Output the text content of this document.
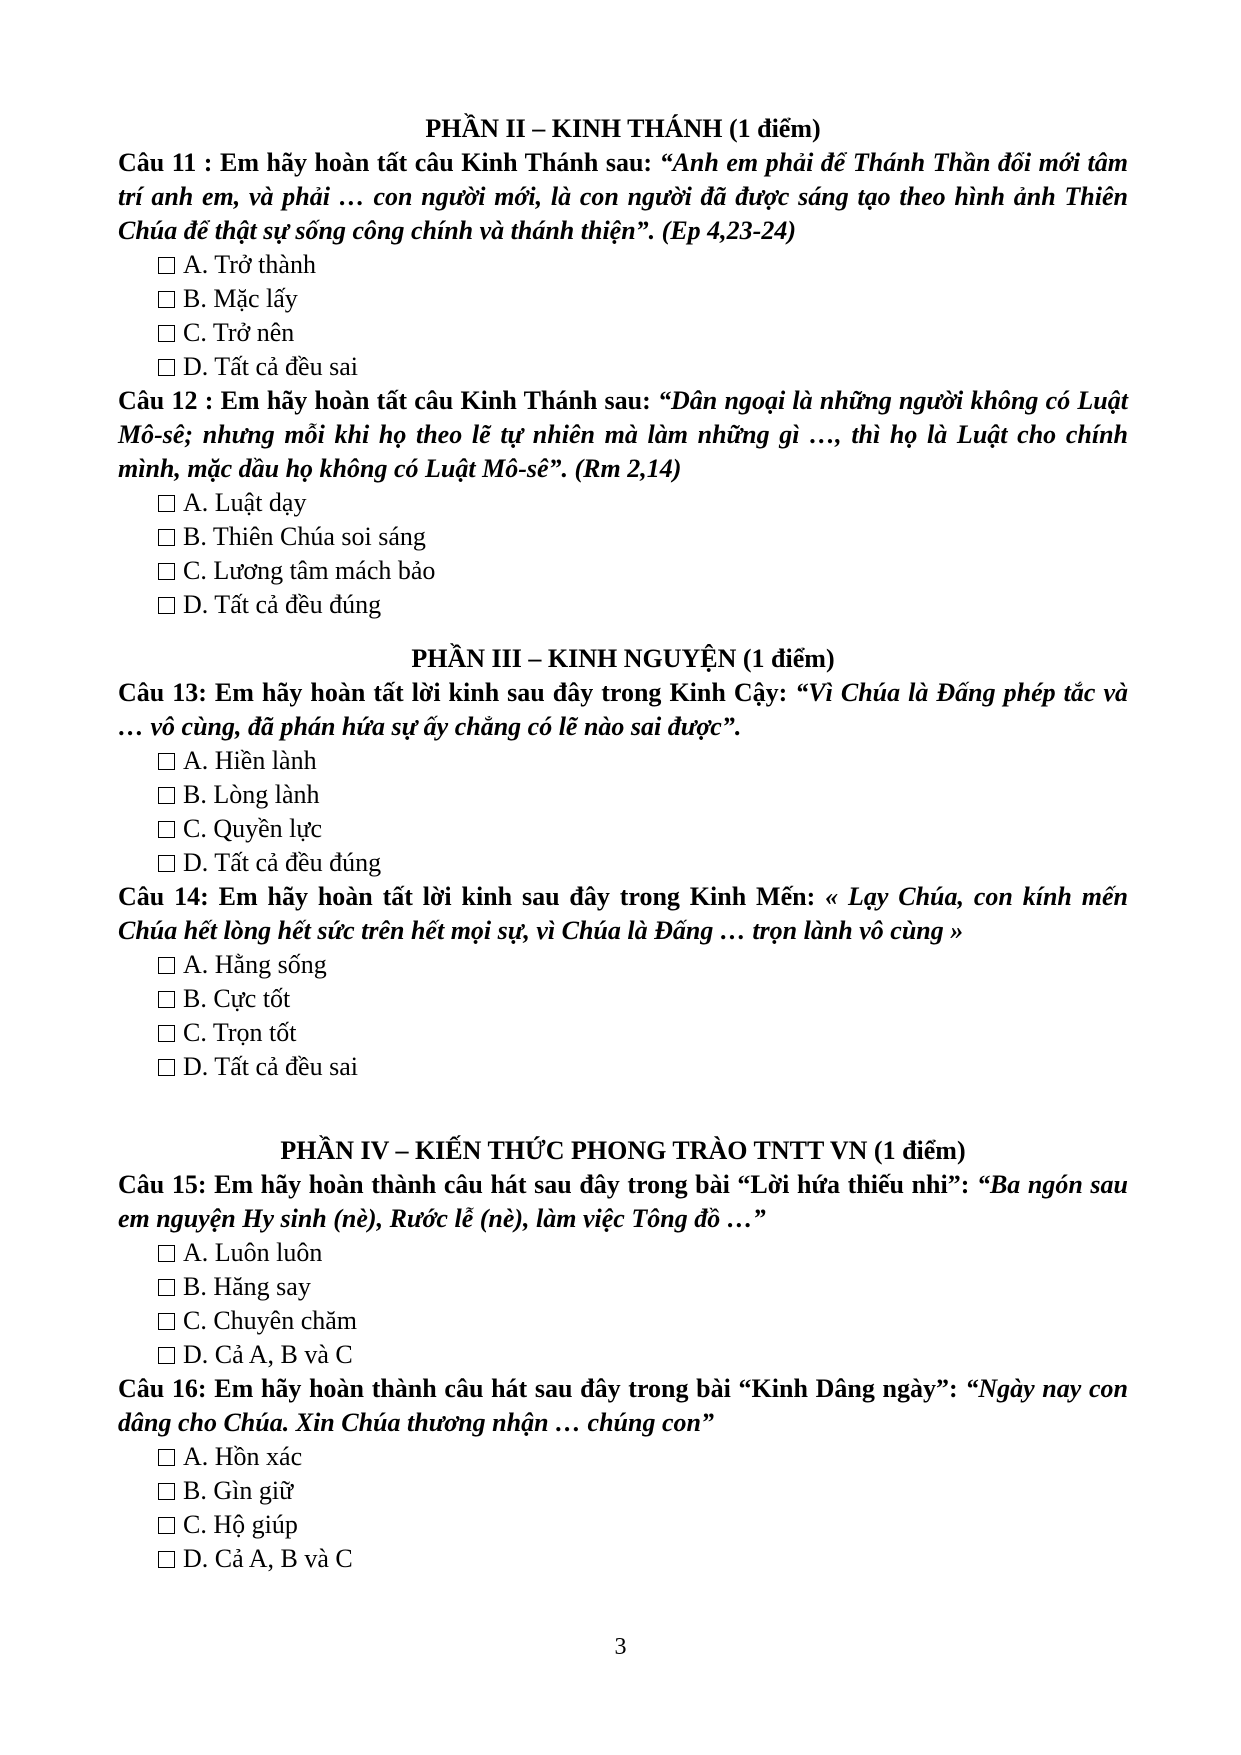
PHẦN II – KINH THÁNH (1 điểm)

Câu 11 : Em hãy hoàn tất câu Kinh Thánh sau: “Anh em phải để Thánh Thần đổi mới tâm trí anh em, và phải … con người mới, là con người đã được sáng tạo theo hình ảnh Thiên Chúa để thật sự sống công chính và thánh thiện”. (Ep 4,23-24)

A. Trở thành
B. Mặc lấy
C. Trở nên
D. Tất cả đều sai

Câu 12 : Em hãy hoàn tất câu Kinh Thánh sau: “Dân ngoại là những người không có Luật Mô-sê; nhưng mỗi khi họ theo lẽ tự nhiên mà làm những gì …, thì họ là Luật cho chính mình, mặc dầu họ không có Luật Mô-sê”. (Rm 2,14)

A. Luật dạy
B. Thiên Chúa soi sáng
C. Lương tâm mách bảo
D. Tất cả đều đúng
PHẦN III – KINH NGUYỆN (1 điểm)

Câu 13: Em hãy hoàn tất lời kinh sau đây trong Kinh Cậy: “Vì Chúa là Đấng phép tắc và … vô cùng, đã phán hứa sự ấy chẳng có lẽ nào sai được”.

A. Hiền lành
B. Lòng lành
C. Quyền lực
D. Tất cả đều đúng

Câu 14: Em hãy hoàn tất lời kinh sau đây trong Kinh Mến: « Lạy Chúa, con kính mến Chúa hết lòng hết sức trên hết mọi sự, vì Chúa là Đấng … trọn lành vô cùng »

A. Hằng sống
B. Cực tốt
C. Trọn tốt
D. Tất cả đều sai
PHẦN IV – KIẾN THỨC PHONG TRÀO TNTT VN (1 điểm)

Câu 15: Em hãy hoàn thành câu hát sau đây trong bài “Lời hứa thiếu nhi”: “Ba ngón sau em nguyện Hy sinh (nè), Rước lễ (nè), làm việc Tông đồ …”

A. Luôn luôn
B. Hăng say
C. Chuyên chăm
D. Cả A, B và C

Câu 16: Em hãy hoàn thành câu hát sau đây trong bài “Kinh Dâng ngày”: “Ngày nay con dâng cho Chúa. Xin Chúa thương nhận … chúng con”

A. Hồn xác
B. Gìn giữ
C. Hộ giúp
D. Cả A, B và C
3
